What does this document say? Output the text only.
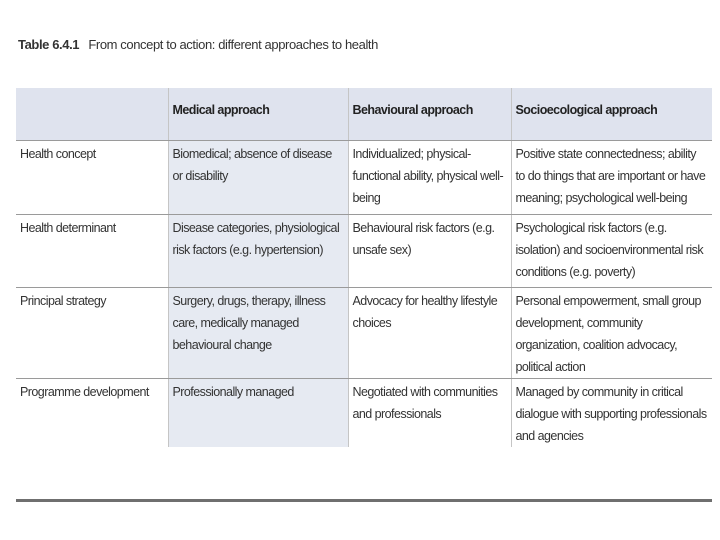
Table 6.4.1 From concept to action: different approaches to health
	Medical approach	Behavioural approach	Socioecological approach
Health concept	Biomedical; absence of disease or disability	Individualized; physical-functional ability, physical well-being	Positive state connectedness; ability to do things that are important or have meaning; psychological well-being
Health determinant	Disease categories, physiological risk factors (e.g. hypertension)	Behavioural risk factors (e.g. unsafe sex)	Psychological risk factors (e.g. isolation) and socioenvironmental risk conditions (e.g. poverty)
Principal strategy	Surgery, drugs, therapy, illness care, medically managed behavioural change	Advocacy for healthy lifestyle choices	Personal empowerment, small group development, community organization, coalition advocacy, political action
Programme development	Professionally managed	Negotiated with communities and professionals	Managed by community in critical dialogue with supporting professionals and agencies
